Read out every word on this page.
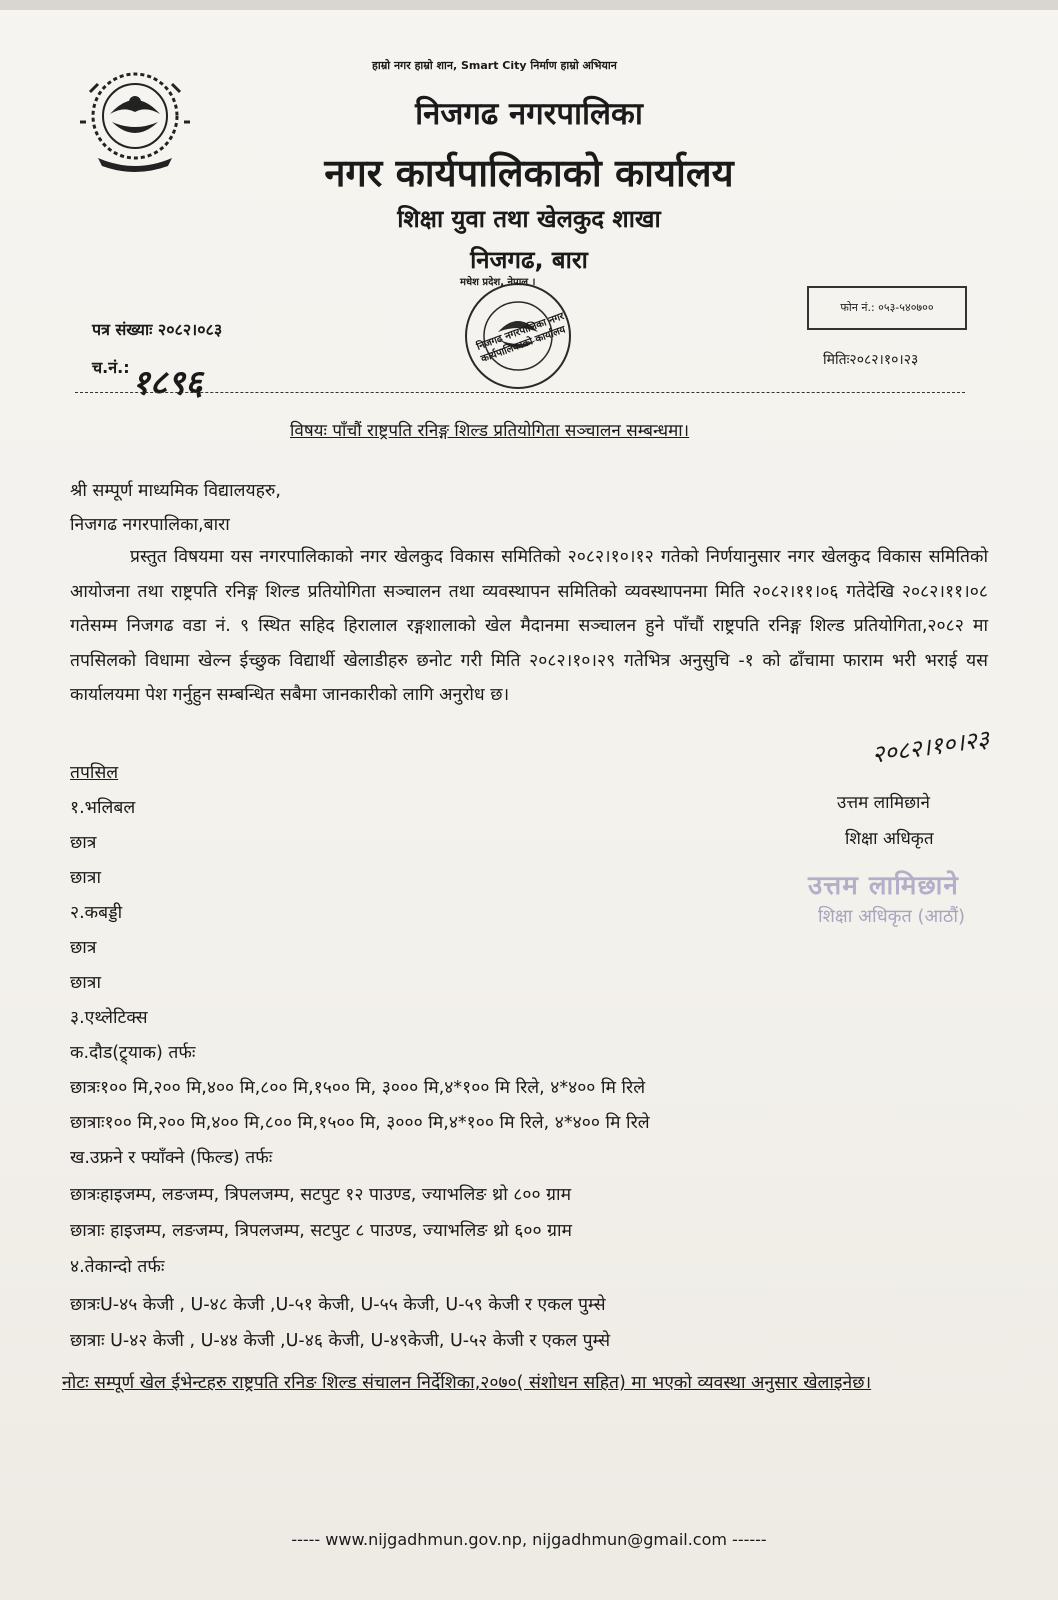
हाम्रो नगर हाम्रो शान, Smart City निर्माण हाम्रो अभियान
निजगढ नगरपालिका
नगर कार्यपालिकाको कार्यालय
शिक्षा युवा तथा खेलकुद शाखा
निजगढ, बारा
फोन नं.: ०५३-५४०७००
मधेश प्रदेश, नेपाल ।
निजगढ नगरपालिका नगर कार्यपालिकाको कार्यालय
पत्र संख्याः २०८२।०८३
च.नं.: १८९६
मितिः२०८२।१०।२३
विषयः पाँचौं राष्ट्रपति रनिङ्ग शिल्ड प्रतियोगिता सञ्चालन सम्बन्धमा।
श्री सम्पूर्ण माध्यमिक विद्यालयहरु,
निजगढ नगरपालिका,बारा
प्रस्तुत विषयमा यस नगरपालिकाको नगर खेलकुद विकास समितिको २०८२।१०।१२ गतेको निर्णयानुसार नगर खेलकुद विकास समितिको आयोजना तथा राष्ट्रपति रनिङ्ग शिल्ड प्रतियोगिता सञ्चालन तथा व्यवस्थापन समितिको व्यवस्थापनमा मिति २०८२।११।०६ गतेदेखि २०८२।११।०८ गतेसम्म निजगढ वडा नं. ९ स्थित सहिद हिरालाल रङ्गशालाको खेल मैदानमा सञ्चालन हुने पाँचौं राष्ट्रपति रनिङ्ग शिल्ड प्रतियोगिता,२०८२ मा तपसिलको विधामा खेल्न ईच्छुक विद्यार्थी खेलाडीहरु छनोट गरी मिति २०८२।१०।२९ गतेभित्र अनुसुचि -१ को ढाँचामा फाराम भरी भराई यस कार्यालयमा पेश गर्नुहुन सम्बन्धित सबैमा जानकारीको लागि अनुरोध छ।
तपसिल
२०८२।१०।२३
उत्तम लामिछाने
शिक्षा अधिकृत
उत्तम लामिछाने
शिक्षा अधिकृत (आठौं)
१.भलिबल
छात्र
छात्रा
२.कबड्डी
छात्र
छात्रा
३.एथ्लेटिक्स
क.दौड(ट्र्याक) तर्फः
छात्रः१०० मि,२०० मि,४०० मि,८०० मि,१५०० मि, ३००० मि,४*१०० मि रिले, ४*४०० मि रिले
छात्राः१०० मि,२०० मि,४०० मि,८०० मि,१५०० मि, ३००० मि,४*१०० मि रिले, ४*४०० मि रिले
ख.उफ्रने र फ्याँक्ने (फिल्ड) तर्फः
छात्रःहाइजम्प, लङजम्प, त्रिपलजम्प, सटपुट १२ पाउण्ड, ज्याभलिङ थ्रो ८०० ग्राम
छात्राः हाइजम्प, लङजम्प, त्रिपलजम्प, सटपुट ८ पाउण्ड, ज्याभलिङ थ्रो ६०० ग्राम
४.तेकान्दो तर्फः
छात्रःU-४५ केजी , U-४८ केजी ,U-५१ केजी, U-५५ केजी, U-५९ केजी र एकल पुम्से
छात्राः U-४२ केजी , U-४४ केजी ,U-४६ केजी, U-४९केजी, U-५२ केजी र एकल पुम्से
नोटः सम्पूर्ण खेल ईभेन्टहरु राष्ट्रपति रनिङ शिल्ड संचालन निर्देशिका,२०७०( संशोधन सहित) मा भएको व्यवस्था अनुसार खेलाइनेछ।
----- www.nijgadhmun.gov.np, nijgadhmun@gmail.com ------
